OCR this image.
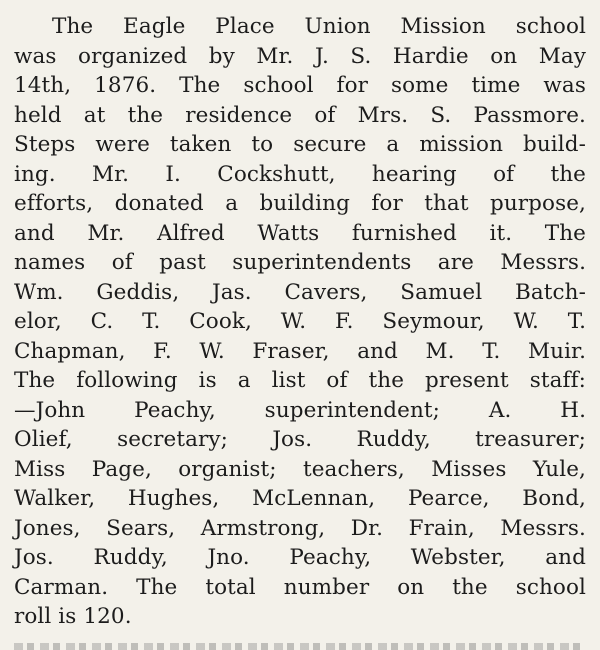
The Eagle Place Union Mission school
was organized by Mr. J. S. Hardie on May
14th, 1876. The school for some time was
held at the residence of Mrs. S. Passmore.
Steps were taken to secure a mission build-
ing. Mr. I. Cockshutt, hearing of the
efforts, donated a building for that purpose,
and Mr. Alfred Watts furnished it. The
names of past superintendents are Messrs.
Wm. Geddis, Jas. Cavers, Samuel Batch-
elor, C. T. Cook, W. F. Seymour, W. T.
Chapman, F. W. Fraser, and M. T. Muir.
The following is a list of the present staff:
—John Peachy, superintendent; A. H.
Olief, secretary; Jos. Ruddy, treasurer;
Miss Page, organist; teachers, Misses Yule,
Walker, Hughes, McLennan, Pearce, Bond,
Jones, Sears, Armstrong, Dr. Frain, Messrs.
Jos. Ruddy, Jno. Peachy, Webster, and
Carman. The total number on the school
roll is 120.
